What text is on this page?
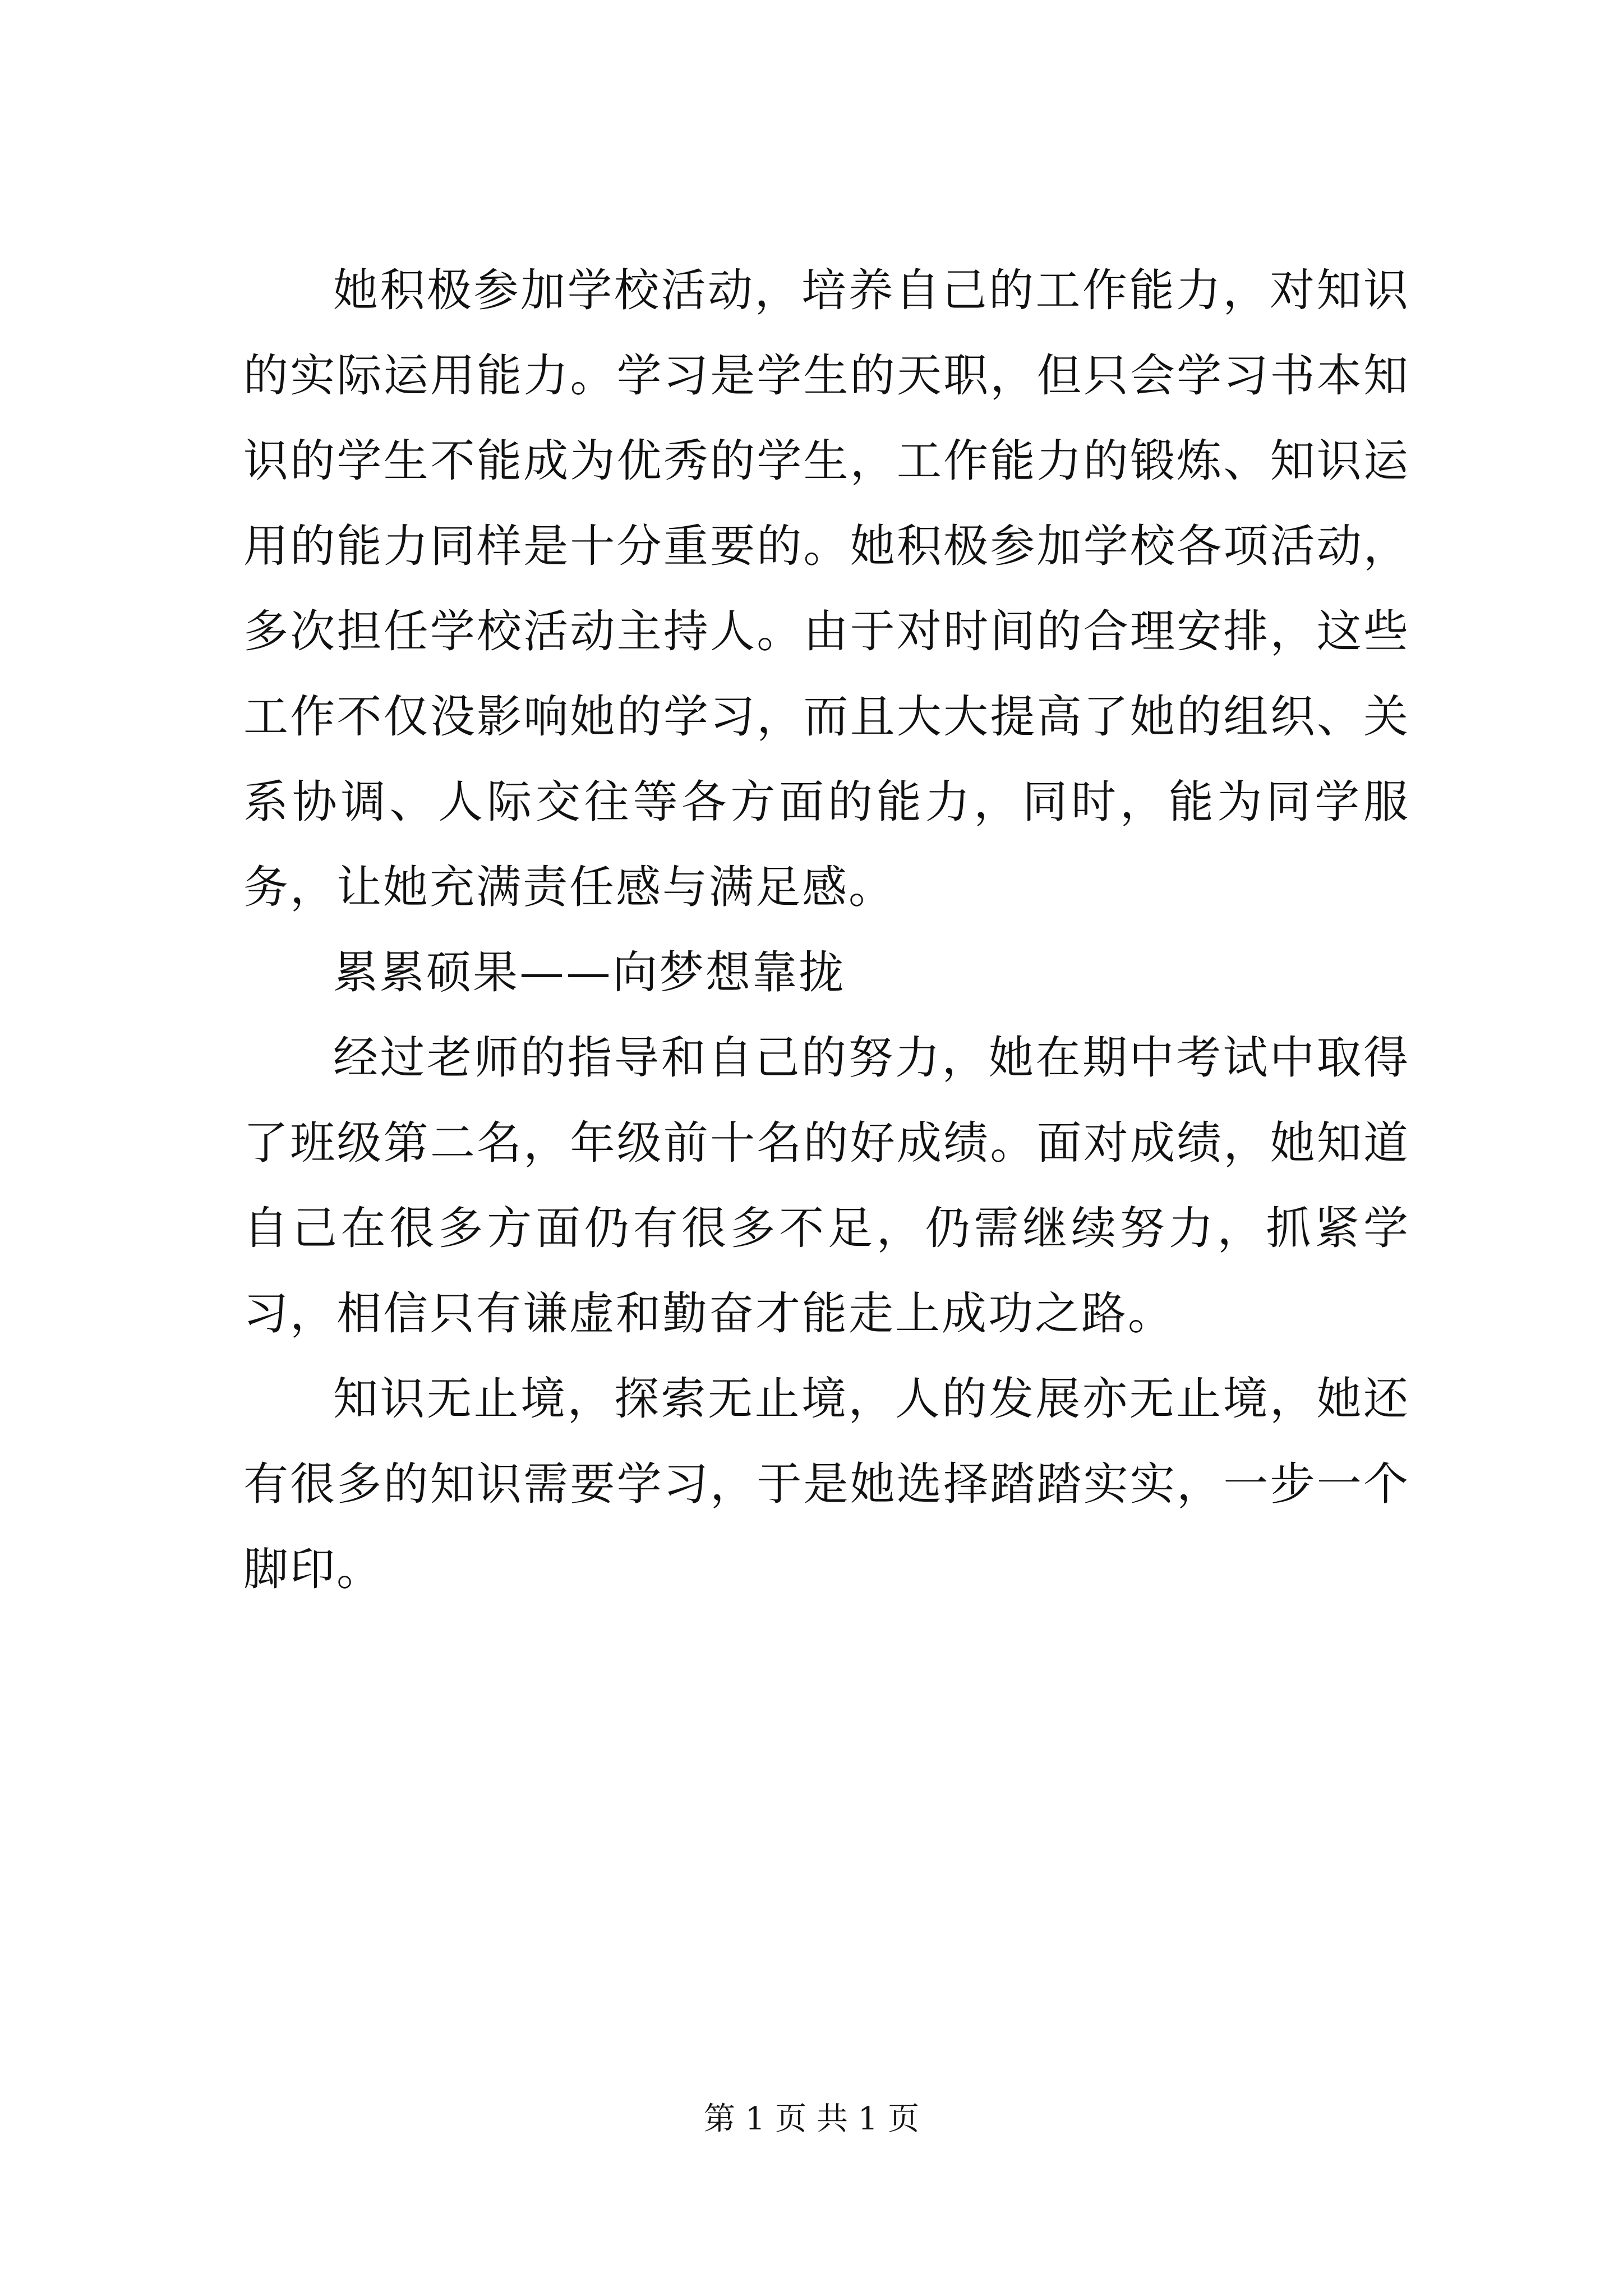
她积极参加学校活动，培养自己的工作能力，对知识的实际运用能力。学习是学生的天职，但只会学习书本知识的学生不能成为优秀的学生，工作能力的锻炼、知识运用的能力同样是十分重要的。她积极参加学校各项活动，多次担任学校活动主持人。由于对时间的合理安排，这些工作不仅没影响她的学习，而且大大提高了她的组织、关系协调、人际交往等各方面的能力，同时，能为同学服务，让她充满责任感与满足感。

累累硕果——向梦想靠拢

经过老师的指导和自己的努力，她在期中考试中取得了班级第二名，年级前十名的好成绩。面对成绩，她知道自己在很多方面仍有很多不足，仍需继续努力，抓紧学习，相信只有谦虚和勤奋才能走上成功之路。

知识无止境，探索无止境，人的发展亦无止境，她还有很多的知识需要学习，于是她选择踏踏实实，一步一个脚印。

第 1 页 共 1 页
